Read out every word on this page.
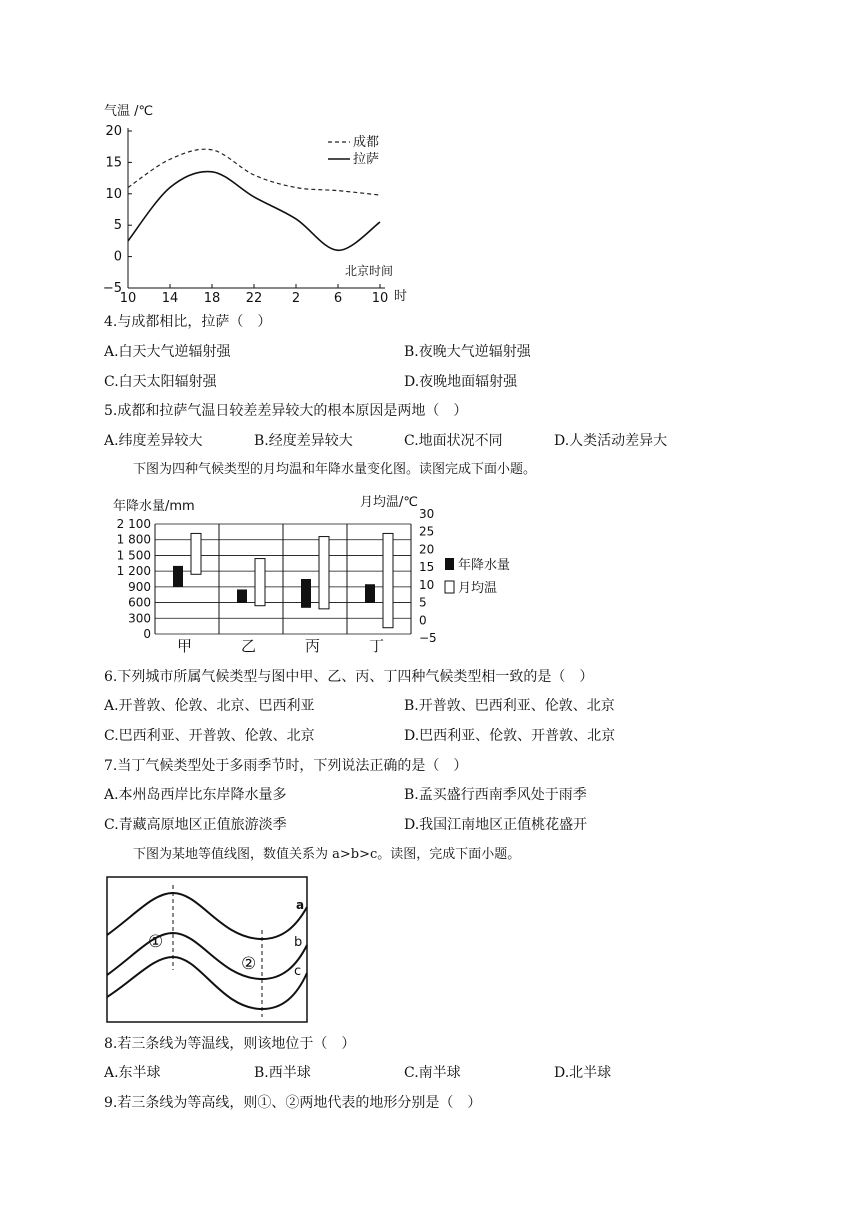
气温 /℃
20
15
10
5
0
−5
10 14 18 22 2	6 10
成都
拉萨
北京时间
时
4.与成都相比，拉萨（　）
A.白天大气逆辐射强	B.夜晚大气逆辐射强
C.白天太阳辐射强	D.夜晚地面辐射强
5.成都和拉萨气温日较差差异较大的根本原因是两地（　）
A.纬度差异较大	B.经度差异较大	C.地面状况不同	D.人类活动差异大
下图为四种气候类型的月均温和年降水量变化图。读图完成下面小题。
年降水量/mm	月均温/℃
2 100
1 800
1 500
1 200
900
600
300
0
30
25
20
15
10
5
0
−5
甲	乙	丙	丁
年降水量
月均温
6.下列城市所属气候类型与图中甲、乙、丙、丁四种气候类型相一致的是（　）
A.开普敦、伦敦、北京、巴西利亚	B.开普敦、巴西利亚、伦敦、北京
C.巴西利亚、开普敦、伦敦、北京	D.巴西利亚、伦敦、开普敦、北京
7.当丁气候类型处于多雨季节时，下列说法正确的是（　）
A.本州岛西岸比东岸降水量多	B.孟买盛行西南季风处于雨季
C.青藏高原地区正值旅游淡季	D.我国江南地区正值桃花盛开
下图为某地等值线图，数值关系为 a>b>c。读图，完成下面小题。
a
b
c
①
②
8.若三条线为等温线，则该地位于（　）
A.东半球	B.西半球	C.南半球	D.北半球
9.若三条线为等高线，则①、②两地代表的地形分别是（　）
